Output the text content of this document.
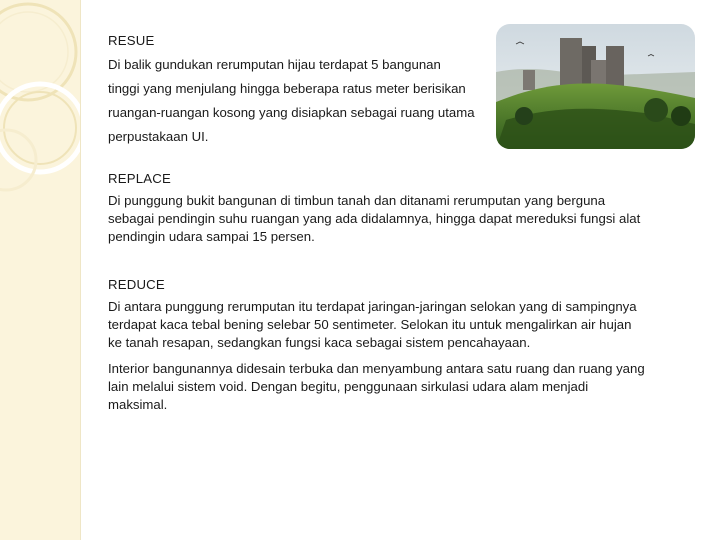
RESUE

Di balik gundukan rerumputan hijau terdapat 5 bangunan

tinggi yang menjulang hingga beberapa ratus meter berisikan

ruangan-ruangan kosong yang disiapkan sebagai ruang utama

perpustakaan UI.

REPLACE

Di punggung bukit bangunan di timbun tanah dan ditanami rerumputan yang berguna sebagai pendingin suhu ruangan yang ada didalamnya, hingga dapat mereduksi fungsi alat pendingin udara sampai 15 persen.

REDUCE

Di antara punggung rerumputan itu terdapat jaringan-jaringan selokan yang di sampingnya terdapat kaca tebal bening selebar 50 sentimeter. Selokan itu untuk mengalirkan air hujan ke tanah resapan, sedangkan fungsi kaca sebagai sistem pencahayaan.

Interior bangunannya didesain terbuka dan menyambung antara satu ruang dan ruang yang lain melalui sistem void. Dengan begitu, penggunaan sirkulasi udara alam menjadi maksimal.
